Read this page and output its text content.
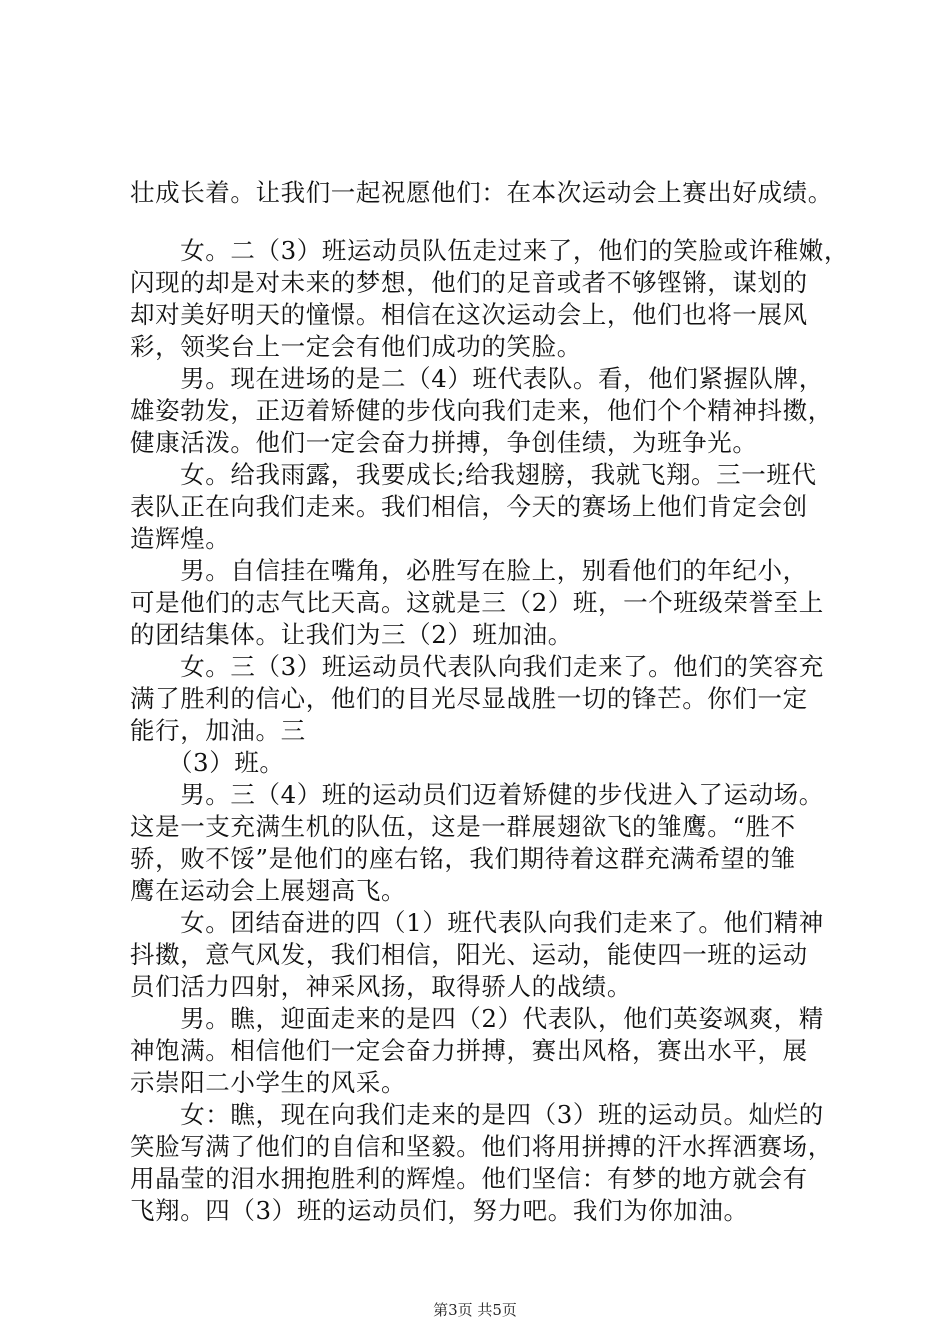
壮成长着。让我们一起祝愿他们：在本次运动会上赛出好成绩。
　　女。二（3）班运动员队伍走过来了，他们的笑脸或许稚嫩，
闪现的却是对未来的梦想，他们的足音或者不够铿锵，谋划的
却对美好明天的憧憬。相信在这次运动会上，他们也将一展风
彩，领奖台上一定会有他们成功的笑脸。
　　男。现在进场的是二（4）班代表队。看，他们紧握队牌，
雄姿勃发，正迈着矫健的步伐向我们走来，他们个个精神抖擞，
健康活泼。他们一定会奋力拼搏，争创佳绩，为班争光。
　　女。给我雨露，我要成长;给我翅膀，我就飞翔。三一班代
表队正在向我们走来。我们相信，今天的赛场上他们肯定会创
造辉煌。
　　男。自信挂在嘴角，必胜写在脸上，别看他们的年纪小，
可是他们的志气比天高。这就是三（2）班，一个班级荣誉至上
的团结集体。让我们为三（2）班加油。
　　女。三（3）班运动员代表队向我们走来了。他们的笑容充
满了胜利的信心，他们的目光尽显战胜一切的锋芒。你们一定
能行，加油。三
　　（3）班。
　　男。三（4）班的运动员们迈着矫健的步伐进入了运动场。
这是一支充满生机的队伍，这是一群展翅欲飞的雏鹰。“胜不
骄，败不馁”是他们的座右铭，我们期待着这群充满希望的雏
鹰在运动会上展翅高飞。
　　女。团结奋进的四（1）班代表队向我们走来了。他们精神
抖擞，意气风发，我们相信，阳光、运动，能使四一班的运动
员们活力四射，神采风扬，取得骄人的战绩。
　　男。瞧，迎面走来的是四（2）代表队，他们英姿飒爽，精
神饱满。相信他们一定会奋力拼搏，赛出风格，赛出水平，展
示崇阳二小学生的风采。
　　女：瞧，现在向我们走来的是四（3）班的运动员。灿烂的
笑脸写满了他们的自信和坚毅。他们将用拼搏的汗水挥洒赛场，
用晶莹的泪水拥抱胜利的辉煌。他们坚信：有梦的地方就会有
飞翔。四（3）班的运动员们，努力吧。我们为你加油。
第3页 共5页
